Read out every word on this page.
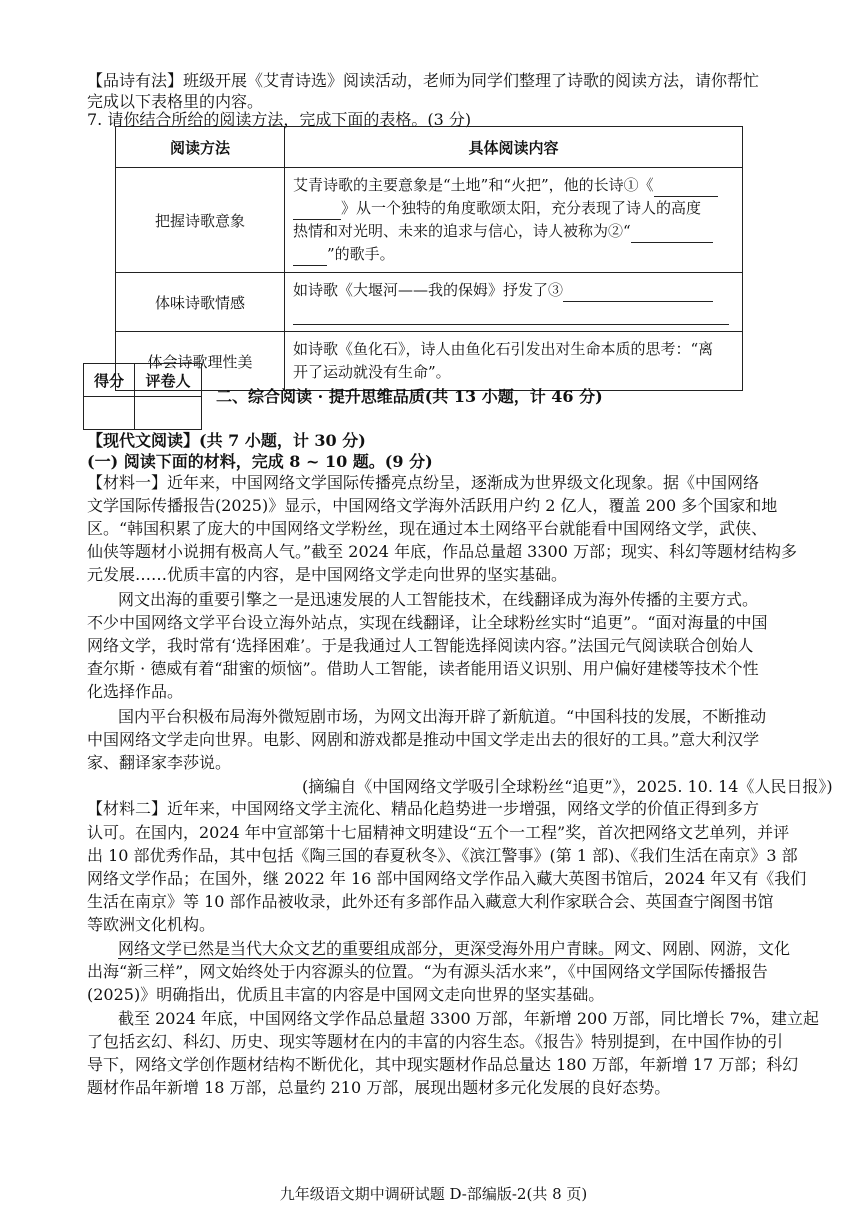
【品诗有法】班级开展《艾青诗选》阅读活动，老师为同学们整理了诗歌的阅读方法，请你帮忙
完成以下表格里的内容。
7. 请你结合所给的阅读方法，完成下面的表格。(3 分)
阅读方法	具体阅读内容
把握诗歌意象	艾青诗歌的主要意象是“土地”和“火把”，他的长诗①《
》从一个独特的角度歌颂太阳，充分表现了诗人的高度
热情和对光明、未来的追求与信心，诗人被称为②“
”的歌手。

体味诗歌情感	如诗歌《大堰河——我的保姆》抒发了③

体会诗歌理性美	如诗歌《鱼化石》，诗人由鱼化石引发出对生命本质的思考：“离
开了运动就没有生命”。
得分	评卷人

二、综合阅读 · 提升思维品质(共 13 小题，计 46 分)
【现代文阅读】(共 7 小题，计 30 分)
(一) 阅读下面的材料，完成 8 ~ 10 题。(9 分)
【材料一】近年来，中国网络文学国际传播亮点纷呈，逐渐成为世界级文化现象。据《中国网络
文学国际传播报告(2025)》显示，中国网络文学海外活跃用户约 2 亿人，覆盖 200 多个国家和地
区。“韩国积累了庞大的中国网络文学粉丝，现在通过本土网络平台就能看中国网络文学，武侠、
仙侠等题材小说拥有极高人气。”截至 2024 年底，作品总量超 3300 万部；现实、科幻等题材结构多
元发展……优质丰富的内容，是中国网络文学走向世界的坚实基础。
网文出海的重要引擎之一是迅速发展的人工智能技术，在线翻译成为海外传播的主要方式。
不少中国网络文学平台设立海外站点，实现在线翻译，让全球粉丝实时“追更”。“面对海量的中国
网络文学，我时常有‘选择困难’。于是我通过人工智能选择阅读内容。”法国元气阅读联合创始人
查尔斯 · 德威有着“甜蜜的烦恼”。借助人工智能，读者能用语义识别、用户偏好建楼等技术个性
化选择作品。
国内平台积极布局海外微短剧市场，为网文出海开辟了新航道。“中国科技的发展，不断推动
中国网络文学走向世界。电影、网剧和游戏都是推动中国文学走出去的很好的工具。”意大利汉学
家、翻译家李莎说。
(摘编自《中国网络文学吸引全球粉丝“追更”》，2025. 10. 14《人民日报》)
【材料二】近年来，中国网络文学主流化、精品化趋势进一步增强，网络文学的价值正得到多方
认可。在国内，2024 年中宣部第十七届精神文明建设“五个一工程”奖，首次把网络文艺单列，并评
出 10 部优秀作品，其中包括《陶三国的春夏秋冬》、《滨江警事》(第 1 部)、《我们生活在南京》3 部
网络文学作品；在国外，继 2022 年 16 部中国网络文学作品入藏大英图书馆后，2024 年又有《我们
生活在南京》等 10 部作品被收录，此外还有多部作品入藏意大利作家联合会、英国查宁阁图书馆
等欧洲文化机构。
网络文学已然是当代大众文艺的重要组成部分，更深受海外用户青睐。网文、网剧、网游，文化
出海“新三样”，网文始终处于内容源头的位置。“为有源头活水来”，《中国网络文学国际传播报告
(2025)》明确指出，优质且丰富的内容是中国网文走向世界的坚实基础。
截至 2024 年底，中国网络文学作品总量超 3300 万部，年新增 200 万部，同比增长 7%，建立起
了包括玄幻、科幻、历史、现实等题材在内的丰富的内容生态。《报告》特别提到，在中国作协的引
导下，网络文学创作题材结构不断优化，其中现实题材作品总量达 180 万部，年新增 17 万部；科幻
题材作品年新增 18 万部，总量约 210 万部，展现出题材多元化发展的良好态势。
九年级语文期中调研试题 D-部编版-2(共 8 页)
